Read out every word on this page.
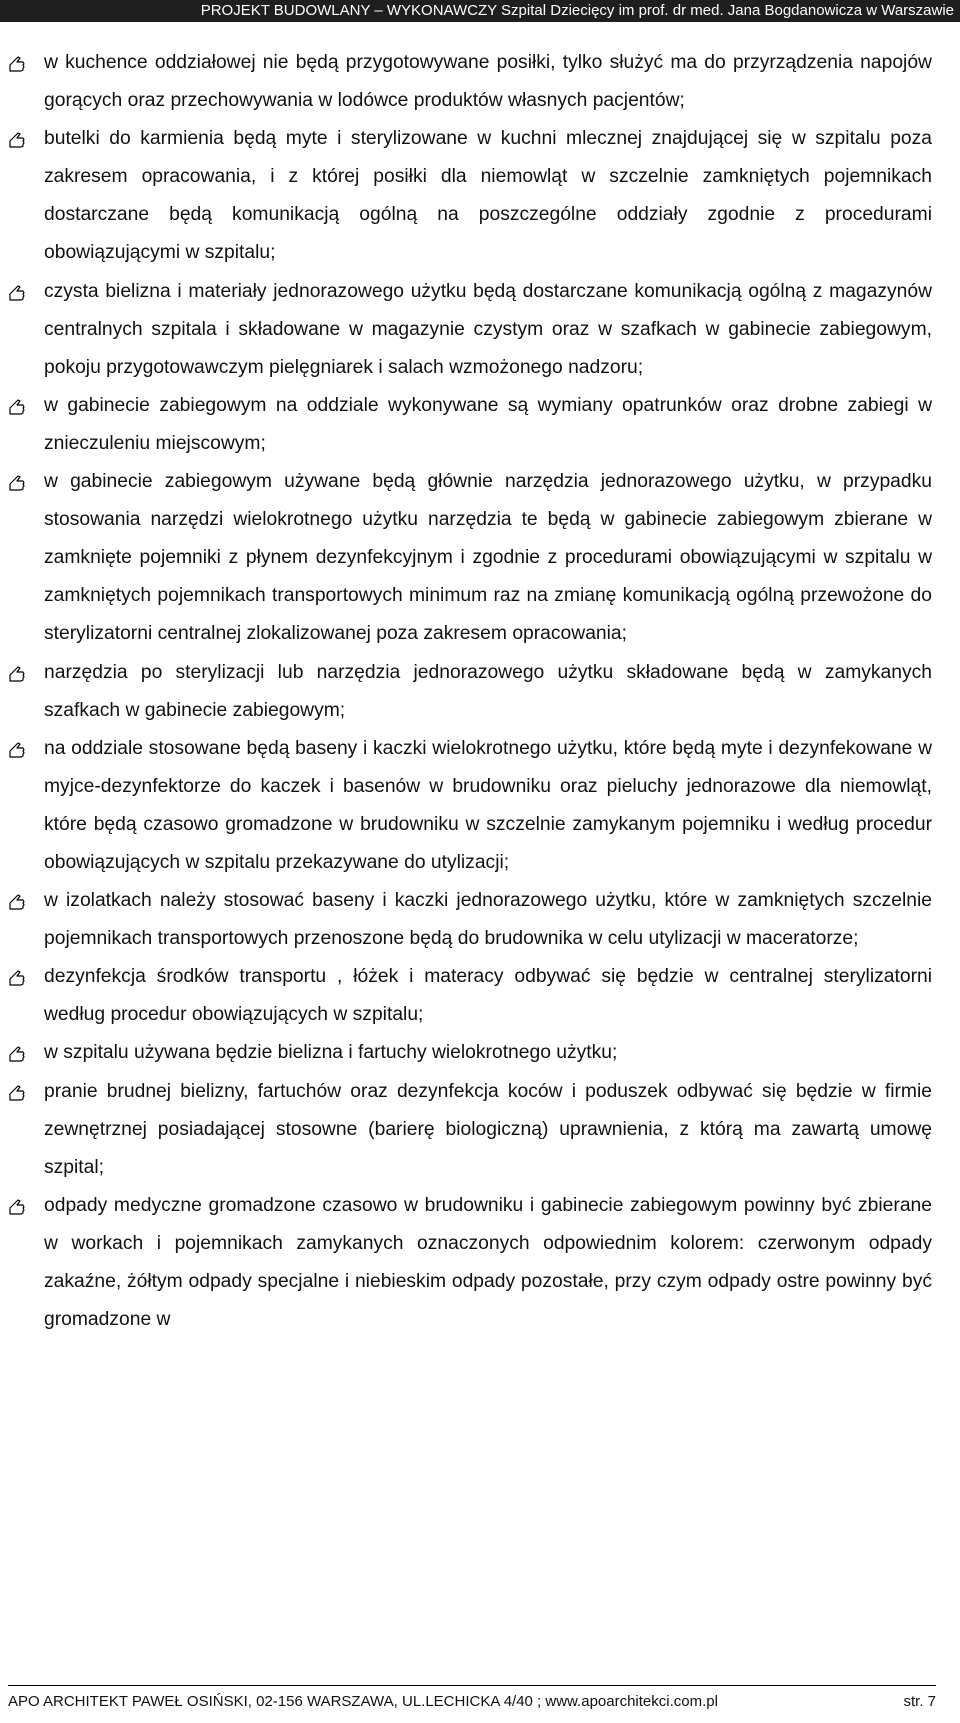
PROJEKT BUDOWLANY – WYKONAWCZY Szpital Dziecięcy im prof. dr med. Jana Bogdanowicza w Warszawie

w kuchence oddziałowej nie będą przygotowywane posiłki, tylko służyć ma do przyrządzenia napojów gorących oraz przechowywania w lodówce produktów własnych pacjentów;

butelki do karmienia będą myte i sterylizowane w kuchni mlecznej znajdującej się w szpitalu poza zakresem opracowania, i z której posiłki dla niemowląt w szczelnie zamkniętych pojemnikach dostarczane będą komunikacją ogólną na poszczególne oddziały zgodnie z procedurami obowiązującymi w szpitalu;

czysta bielizna i materiały jednorazowego użytku będą dostarczane komunikacją ogólną z magazynów centralnych szpitala i składowane w magazynie czystym oraz w szafkach w gabinecie zabiegowym, pokoju przygotowawczym pielęgniarek i salach wzmożonego nadzoru;

w gabinecie zabiegowym na oddziale wykonywane są wymiany opatrunków oraz drobne zabiegi w znieczuleniu miejscowym;

w gabinecie zabiegowym używane będą głównie narzędzia jednorazowego użytku, w przypadku stosowania narzędzi wielokrotnego użytku narzędzia te będą w gabinecie zabiegowym zbierane w zamknięte pojemniki z płynem dezynfekcyjnym i zgodnie z procedurami obowiązującymi w szpitalu w zamkniętych pojemnikach transportowych minimum raz na zmianę komunikacją ogólną przewożone do sterylizatorni centralnej zlokalizowanej poza zakresem opracowania;

narzędzia po sterylizacji lub narzędzia jednorazowego użytku składowane będą w zamykanych szafkach w gabinecie zabiegowym;

na oddziale stosowane będą baseny i kaczki wielokrotnego użytku, które będą myte i dezynfekowane w myjce-dezynfektorze do kaczek i basenów w brudowniku oraz pieluchy jednorazowe dla niemowląt, które będą czasowo gromadzone w brudowniku w szczelnie zamykanym pojemniku i według procedur obowiązujących w szpitalu przekazywane do utylizacji;

w izolatkach należy stosować baseny i kaczki jednorazowego użytku, które w zamkniętych szczelnie pojemnikach transportowych przenoszone będą do brudownika w celu utylizacji w maceratorze;

dezynfekcja środków transportu , łóżek i materacy odbywać się będzie w centralnej sterylizatorni według procedur obowiązujących w szpitalu;

w szpitalu używana będzie bielizna i fartuchy wielokrotnego użytku;

pranie brudnej bielizny, fartuchów oraz dezynfekcja koców i poduszek odbywać się będzie w firmie zewnętrznej posiadającej stosowne (barierę biologiczną) uprawnienia, z którą ma zawartą umowę szpital;

odpady medyczne gromadzone czasowo w brudowniku i gabinecie zabiegowym powinny być zbierane w workach i pojemnikach zamykanych oznaczonych odpowiednim kolorem: czerwonym odpady zakaźne, żółtym odpady specjalne i niebieskim odpady pozostałe, przy czym odpady ostre powinny być gromadzone w

APO ARCHITEKT PAWEŁ OSIŃSKI, 02-156 WARSZAWA, UL.LECHICKA 4/40 ; www.apoarchitekci.com.pl	str. 7
